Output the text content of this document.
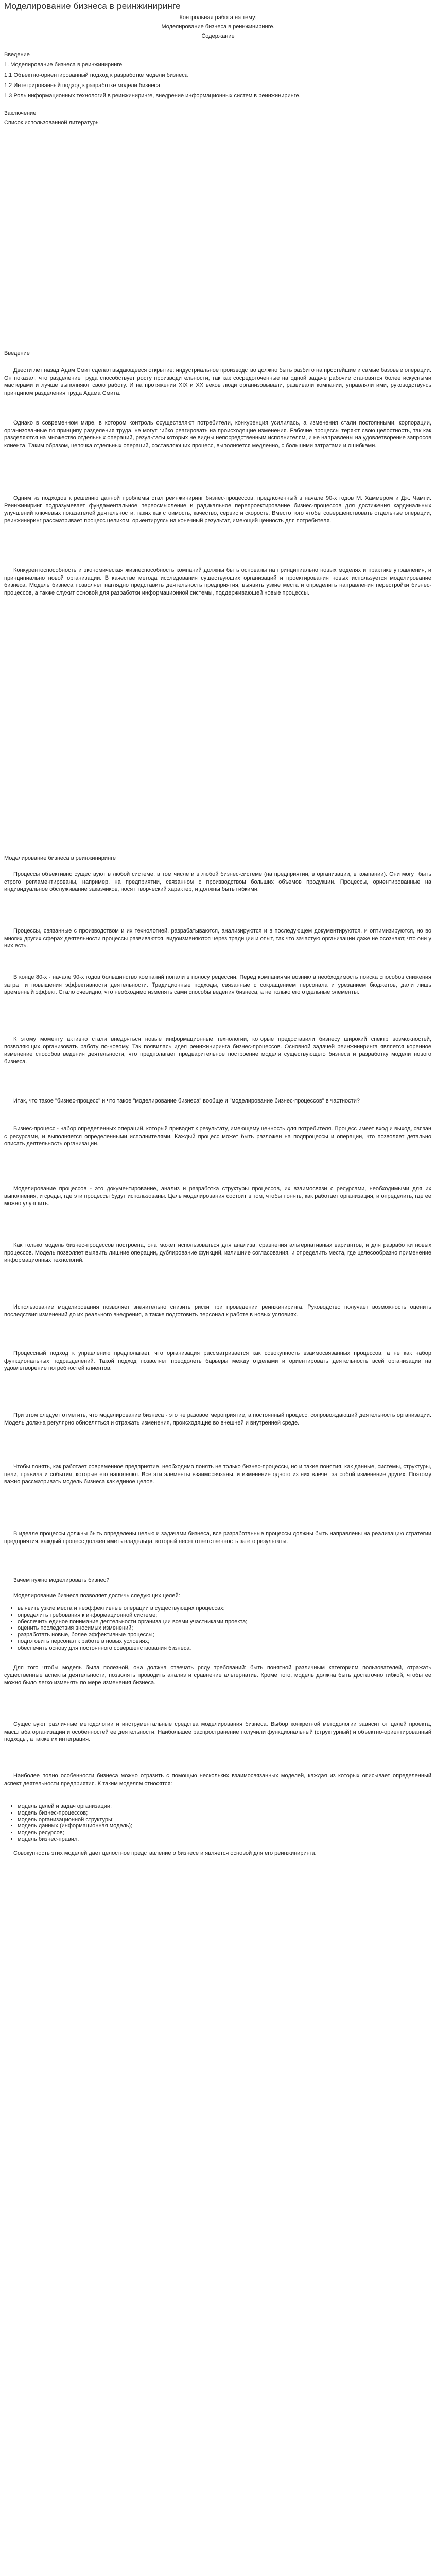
Моделирование бизнеса в реинжиниринге
Контрольная работа на тему:
Моделирование бизнеса в реинжиниринге.
Содержание
Введение
1. Моделирование бизнеса в реинжиниринге
1.1 Объектно-ориентированный подход к разработке модели бизнеса
1.2 Интегрированный подход к разработке модели бизнеса
1.3 Роль информационных технологий в реинжиниринге, внедрение информационных систем в реинжиниринге.
Заключение
Список использованной литературы
Введение

Двести лет назад Адам Смит сделал выдающееся открытие: индустриальное производство должно быть разбито на простейшие и самые базовые операции. Он показал, что разделение труда способствует росту производительности, так как сосредоточенные на одной задаче рабочие становятся более искусными мастерами и лучше выполняют свою работу. И на протяжении XIX и XX веков люди организовывали, развивали компании, управляли ими, руководствуясь принципом разделения труда Адама Смита.

Однако в современном мире, в котором контроль осуществляют потребители, конкуренция усилилась, а изменения стали постоянными, корпорации, организованные по принципу разделения труда, не могут гибко реагировать на происходящие изменения. Рабочие процессы теряют свою целостность, так как разделяются на множество отдельных операций, результаты которых не видны непосредственным исполнителям, и не направлены на удовлетворение запросов клиента. Таким образом, цепочка отдельных операций, составляющих процесс, выполняется медленно, с большими затратами и ошибками.

Одним из подходов к решению данной проблемы стал реинжиниринг бизнес-процессов, предложенный в начале 90-х годов М. Хаммером и Дж. Чампи. Реинжиниринг подразумевает фундаментальное переосмысление и радикальное перепроектирование бизнес-процессов для достижения кардинальных улучшений ключевых показателей деятельности, таких как стоимость, качество, сервис и скорость. Вместо того чтобы совершенствовать отдельные операции, реинжиниринг рассматривает процесс целиком, ориентируясь на конечный результат, имеющий ценность для потребителя.

Конкурентоспособность и экономическая жизнеспособность компаний должны быть основаны на принципиально новых моделях и практике управления, и принципиально новой организации. В качестве метода исследования существующих организаций и проектирования новых используется моделирование бизнеса. Модель бизнеса позволяет наглядно представить деятельность предприятия, выявить узкие места и определить направления перестройки бизнес-процессов, а также служит основой для разработки информационной системы, поддерживающей новые процессы.

Моделирование бизнеса в реинжиниринге

Процессы объективно существуют в любой системе, в том числе и в любой бизнес-системе (на предприятии, в организации, в компании). Они могут быть строго регламентированы, например, на предприятии, связанном с производством больших объемов продукции. Процессы, ориентированные на индивидуальное обслуживание заказчиков, носят творческий характер, и должны быть гибкими.

Процессы, связанные с производством и их технологией, разрабатываются, анализируются и в последующем документируются, и оптимизируются, но во многих других сферах деятельности процессы развиваются, видоизменяются через традиции и опыт, так что зачастую организации даже не осознают, что они у них есть.

В конце 80-х - начале 90-х годов большинство компаний попали в полосу рецессии. Перед компаниями возникла необходимость поиска способов снижения затрат и повышения эффективности деятельности. Традиционные подходы, связанные с сокращением персонала и урезанием бюджетов, дали лишь временный эффект. Стало очевидно, что необходимо изменять сами способы ведения бизнеса, а не только его отдельные элементы.

К этому моменту активно стали внедряться новые информационные технологии, которые предоставили бизнесу широкий спектр возможностей, позволяющих организовать работу по-новому. Так появилась идея реинжиниринга бизнес-процессов. Основной задачей реинжиниринга является коренное изменение способов ведения деятельности, что предполагает предварительное построение модели существующего бизнеса и разработку модели нового бизнеса.

Итак, что такое "бизнес-процесс" и что такое "моделирование бизнеса" вообще и "моделирование бизнес-процессов" в частности?

Бизнес-процесс - набор определенных операций, который приводит к результату, имеющему ценность для потребителя. Процесс имеет вход и выход, связан с ресурсами, и выполняется определенными исполнителями. Каждый процесс может быть разложен на подпроцессы и операции, что позволяет детально описать деятельность организации.

Моделирование процессов - это документирование, анализ и разработка структуры процессов, их взаимосвязи с ресурсами, необходимыми для их выполнения, и среды, где эти процессы будут использованы. Цель моделирования состоит в том, чтобы понять, как работает организация, и определить, где ее можно улучшить.

Как только модель бизнес-процессов построена, она может использоваться для анализа, сравнения альтернативных вариантов, и для разработки новых процессов. Модель позволяет выявить лишние операции, дублирование функций, излишние согласования, и определить места, где целесообразно применение информационных технологий.

Использование моделирования позволяет значительно снизить риски при проведении реинжиниринга. Руководство получает возможность оценить последствия изменений до их реального внедрения, а также подготовить персонал к работе в новых условиях.

Процессный подход к управлению предполагает, что организация рассматривается как совокупность взаимосвязанных процессов, а не как набор функциональных подразделений. Такой подход позволяет преодолеть барьеры между отделами и ориентировать деятельность всей организации на удовлетворение потребностей клиентов.

При этом следует отметить, что моделирование бизнеса - это не разовое мероприятие, а постоянный процесс, сопровождающий деятельность организации. Модель должна регулярно обновляться и отражать изменения, происходящие во внешней и внутренней среде.

Чтобы понять, как работает современное предприятие, необходимо понять не только бизнес-процессы, но и такие понятия, как данные, системы, структуры, цели, правила и события, которые его наполняют. Все эти элементы взаимосвязаны, и изменение одного из них влечет за собой изменение других. Поэтому важно рассматривать модель бизнеса как единое целое.

В идеале процессы должны быть определены целью и задачами бизнеса, все разработанные процессы должны быть направлены на реализацию стратегии предприятия, каждый процесс должен иметь владельца, который несет ответственность за его результаты.

Зачем нужно моделировать бизнес?

Моделирование бизнеса позволяет достичь следующих целей:

• выявить узкие места и неэффективные операции в существующих процессах;
• определить требования к информационной системе;
• обеспечить единое понимание деятельности организации всеми участниками проекта;
• оценить последствия вносимых изменений;
• разработать новые, более эффективные процессы;
• подготовить персонал к работе в новых условиях;
• обеспечить основу для постоянного совершенствования бизнеса.

Для того чтобы модель была полезной, она должна отвечать ряду требований: быть понятной различным категориям пользователей, отражать существенные аспекты деятельности, позволять проводить анализ и сравнение альтернатив. Кроме того, модель должна быть достаточно гибкой, чтобы ее можно было легко изменять по мере изменения бизнеса.

Существуют различные методологии и инструментальные средства моделирования бизнеса. Выбор конкретной методологии зависит от целей проекта, масштаба организации и особенностей ее деятельности. Наибольшее распространение получили функциональный (структурный) и объектно-ориентированный подходы, а также их интеграция.

Наиболее полно особенности бизнеса можно отразить с помощью нескольких взаимосвязанных моделей, каждая из которых описывает определенный аспект деятельности предприятия. К таким моделям относятся:

• модель целей и задач организации;
• модель бизнес-процессов;
• модель организационной структуры;
• модель данных (информационная модель);
• модель ресурсов;
• модель бизнес-правил.

Совокупность этих моделей дает целостное представление о бизнесе и является основой для его реинжиниринга.
